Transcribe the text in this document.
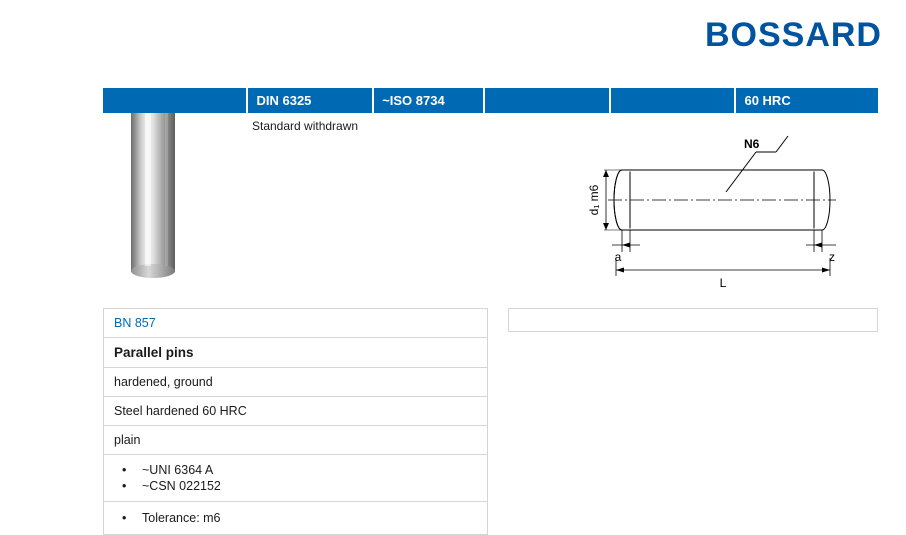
BOSSARD
DIN 6325	~ISO 8734	60 HRC
Standard withdrawn
N6
d₁ m6
a	z
L
BN 857
Parallel pins
hardened, ground
Steel hardened 60 HRC
plain
• ~UNI 6364 A
• ~CSN 022152
• Tolerance: m6
